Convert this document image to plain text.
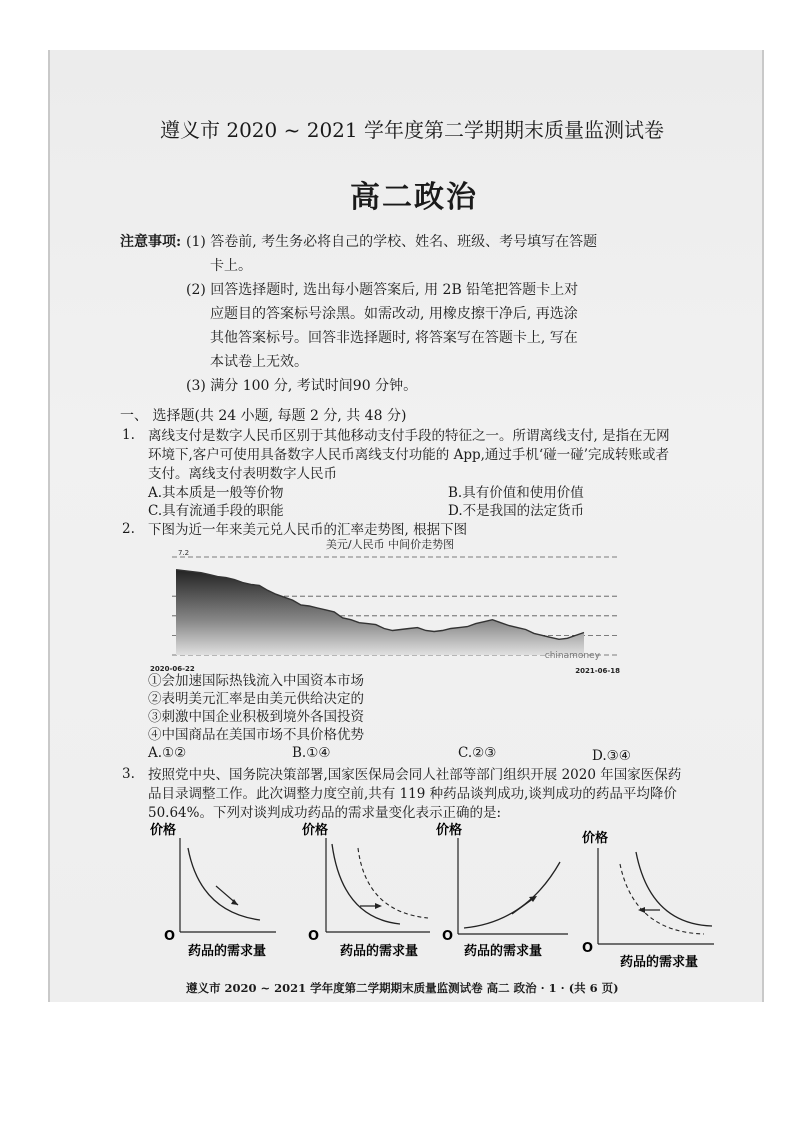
遵义市 2020 ~ 2021 学年度第二学期期末质量监测试卷
高二政治
注意事项: (1) 答卷前, 考生务必将自己的学校、姓名、班级、考号填写在答题
卡上。
(2) 回答选择题时, 选出每小题答案后, 用 2B 铅笔把答题卡上对
应题目的答案标号涂黑。如需改动, 用橡皮擦干净后, 再选涂
其他答案标号。回答非选择题时, 将答案写在答题卡上, 写在
本试卷上无效。
(3) 满分 100 分, 考试时间90 分钟。
一、 选择题(共 24 小题, 每题 2 分, 共 48 分)
1. 离线支付是数字人民币区别于其他移动支付手段的特征之一。所谓离线支付, 是指在无网
环境下,客户可使用具备数字人民币离线支付功能的 App,通过手机‘碰一碰’完成转账或者
支付。离线支付表明数字人民币
A.其本质是一般等价物	B.具有价值和使用价值
C.具有流通手段的职能	D.不是我国的法定货币
2. 下图为近一年来美元兑人民币的汇率走势图, 根据下图
美元/人民币 中间价走势图
7.2
chinamoney
2020-06-22	2021-06-18
①会加速国际热钱流入中国资本市场
②表明美元汇率是由美元供给决定的
③刺激中国企业积极到境外各国投资
④中国商品在美国市场不具价格优势
A.①②	B.①④	C.②③	D.③④
3. 按照党中央、国务院决策部署,国家医保局会同人社部等部门组织开展 2020 年国家医保药
品目录调整工作。此次调整力度空前,共有 119 种药品谈判成功,谈判成功的药品平均降价
50.64%。下列对谈判成功药品的需求量变化表示正确的是:
价格
O
药品的需求量
价格
O
药品的需求量
价格
O
药品的需求量
价格
O
药品的需求量
遵义市 2020 ~ 2021 学年度第二学期期末质量监测试卷 高二 政治 · 1 · (共 6 页)
